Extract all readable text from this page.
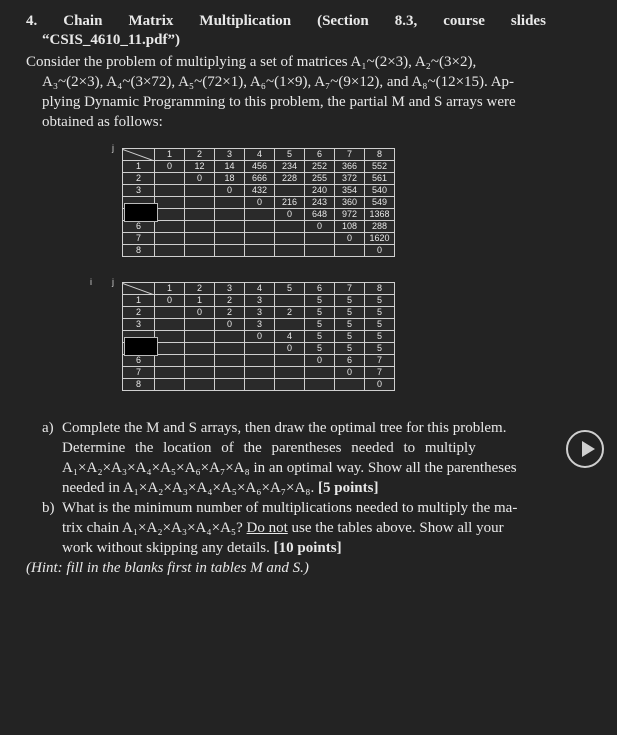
4. Chain Matrix Multiplication (Section 8.3, course slides
“CSIS_4610_11.pdf”)
Consider the problem of multiplying a set of matrices A₁~(2×3), A₂~(3×2),
A₃~(2×3), A₄~(3×72), A₅~(72×1), A₆~(1×9), A₇~(9×12), and A₈~(12×15). Ap-
plying Dynamic Programming to this problem, the partial M and S arrays were
obtained as follows:
j
	1	2	3	4	5	6	7	8
1	0	12	14	456	234	252	366	552
2		0	18	666	228	255	372	561
3			0	432		240	354	540
				0	216	243	360	549
					0	648	972	1368
6						0	108	288
7							0	1620
8								0
i j
	1	2	3	4	5	6	7	8
1	0	1	2	3		5	5	5
2		0	2	3	2	5	5	5
3			0	3		5	5	5
				0	4	5	5	5
					0	5	5	5
6						0	6	7
7							0	7
8								0
a) Complete the M and S arrays, then draw the optimal tree for this problem.
Determine the location of the parentheses needed to multiply
A₁×A₂×A₃×A₄×A₅×A₆×A₇×A₈ in an optimal way. Show all the parentheses
needed in A₁×A₂×A₃×A₄×A₅×A₆×A₇×A₈. [5 points]
b) What is the minimum number of multiplications needed to multiply the ma-
trix chain A₁×A₂×A₃×A₄×A₅? Do not use the tables above. Show all your
work without skipping any details. [10 points]
(Hint: fill in the blanks first in tables M and S.)
